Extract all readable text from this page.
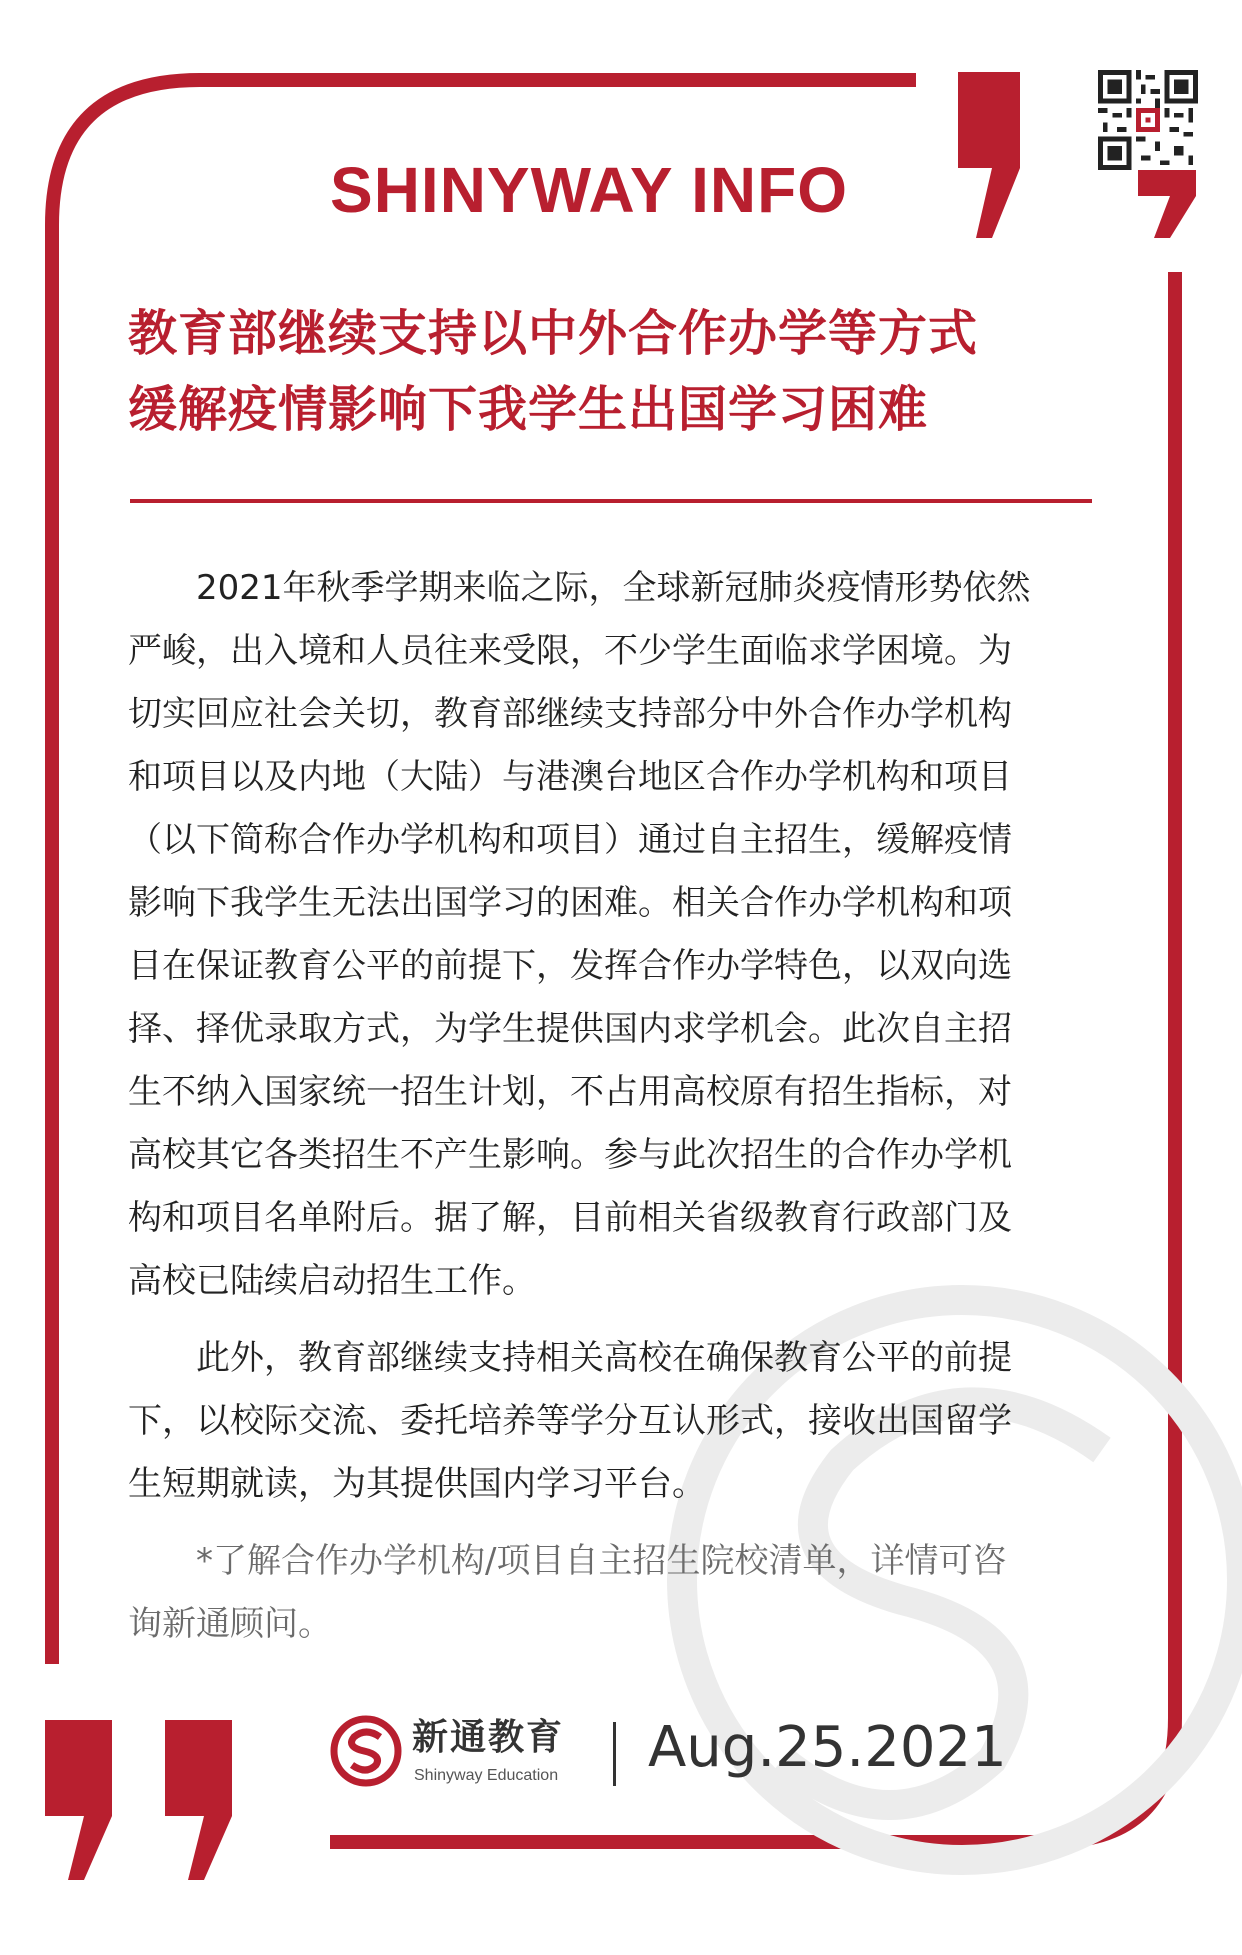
SHINYWAY INFO
教育部继续支持以中外合作办学等方式
缓解疫情影响下我学生出国学习困难
2021年秋季学期来临之际，全球新冠肺炎疫情形势依然
严峻，出入境和人员往来受限，不少学生面临求学困境。为
切实回应社会关切，教育部继续支持部分中外合作办学机构
和项目以及内地（大陆）与港澳台地区合作办学机构和项目
（以下简称合作办学机构和项目）通过自主招生，缓解疫情
影响下我学生无法出国学习的困难。相关合作办学机构和项
目在保证教育公平的前提下，发挥合作办学特色，以双向选
择、择优录取方式，为学生提供国内求学机会。此次自主招
生不纳入国家统一招生计划，不占用高校原有招生指标，对
高校其它各类招生不产生影响。参与此次招生的合作办学机
构和项目名单附后。据了解，目前相关省级教育行政部门及
高校已陆续启动招生工作。
此外，教育部继续支持相关高校在确保教育公平的前提
下，以校际交流、委托培养等学分互认形式，接收出国留学
生短期就读，为其提供国内学习平台。
*了解合作办学机构/项目自主招生院校清单，详情可咨
询新通顾问。
新通教育
Shinyway Education Aug.25.2021
